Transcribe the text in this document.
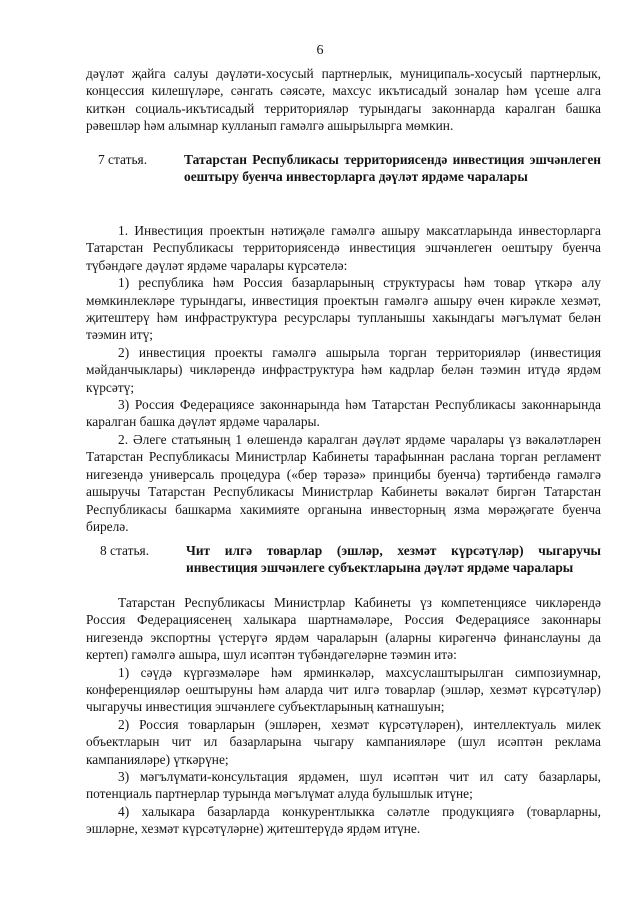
6

дәүләт җайга салуы дәүләти-хосусый партнерлык, муниципаль-хосусый партнерлык, концессия килешүләре, сәнгать сәясәте, махсус икътисадый зоналар һәм үсеше алга киткән социаль-икътисадый территорияләр турындагы законнарда каралган башка рәвешләр һәм алымнар кулланып гамәлгә ашырылырга мөмкин.

7 статья.	Татарстан Республикасы территориясендә инвестиция эшчәнлеген оештыру буенча инвесторларга дәүләт ярдәме чаралары

1. Инвестиция проектын нәтиҗәле гамәлгә ашыру максатларында инвесторларга Татарстан Республикасы территориясендә инвестиция эшчәнлеген оештыру буенча түбәндәге дәүләт ярдәме чаралары күрсәтелә:

1) республика һәм Россия базарларының структурасы һәм товар үткәрә алу мөмкинлекләре турындагы, инвестиция проектын гамәлгә ашыру өчен кирәкле хезмәт, җитештерү һәм инфраструктура ресурслары тупланышы хакындагы мәгълүмат белән тәэмин итү;

2) инвестиция проекты гамәлгә ашырыла торган территорияләр (инвестиция мәйданчыклары) чикләрендә инфраструктура һәм кадрлар белән тәэмин итүдә ярдәм күрсәтү;

3) Россия Федерациясе законнарында һәм Татарстан Республикасы законнарында каралган башка дәүләт ярдәме чаралары.

2. Әлеге статьяның 1 өлешендә каралган дәүләт ярдәме чаралары үз вәкаләтләрен Татарстан Республикасы Министрлар Кабинеты тарафыннан раслана торган регламент нигезендә универсаль процедура («бер тәрәзә» принцибы буенча) тәртибендә гамәлгә ашыручы Татарстан Республикасы Министрлар Кабинеты вәкаләт биргән Татарстан Республикасы башкарма хакимияте органына инвесторның язма мөрәҗәгате буенча бирелә.

8 статья.	Чит илгә товарлар (эшләр, хезмәт күрсәтүләр) чыгаручы инвестиция эшчәнлеге субъектларына дәүләт ярдәме чаралары

Татарстан Республикасы Министрлар Кабинеты үз компетенциясе чикләрендә Россия Федерациясенең халыкара шартнамәләре, Россия Федерациясе законнары нигезендә экспортны үстерүгә ярдәм чараларын (аларны кирәгенчә финанслауны да кертеп) гамәлгә ашыра, шул исәптән түбәндәгеләрне тәэмин итә:

1) сәүдә күргәзмәләре һәм ярминкәләр, махсуслаштырылган симпозиумнар, конференцияләр оештыруны һәм аларда чит илгә товарлар (эшләр, хезмәт күрсәтүләр) чыгаручы инвестиция эшчәнлеге субъектларының катнашуын;

2) Россия товарларын (эшләрен, хезмәт күрсәтүләрен), интеллектуаль милек объектларын чит ил базарларына чыгару кампанияләре (шул исәптән реклама кампанияләре) үткәрүне;

3) мәгълүмати-консультация ярдәмен, шул исәптән чит ил сату базарлары, потенциаль партнерлар турында мәгълүмат алуда булышлык итүне;

4) халыкара базарларда конкурентлыкка сәләтле продукциягә (товарларны, эшләрне, хезмәт күрсәтүләрне) җитештерүдә ярдәм итүне.
